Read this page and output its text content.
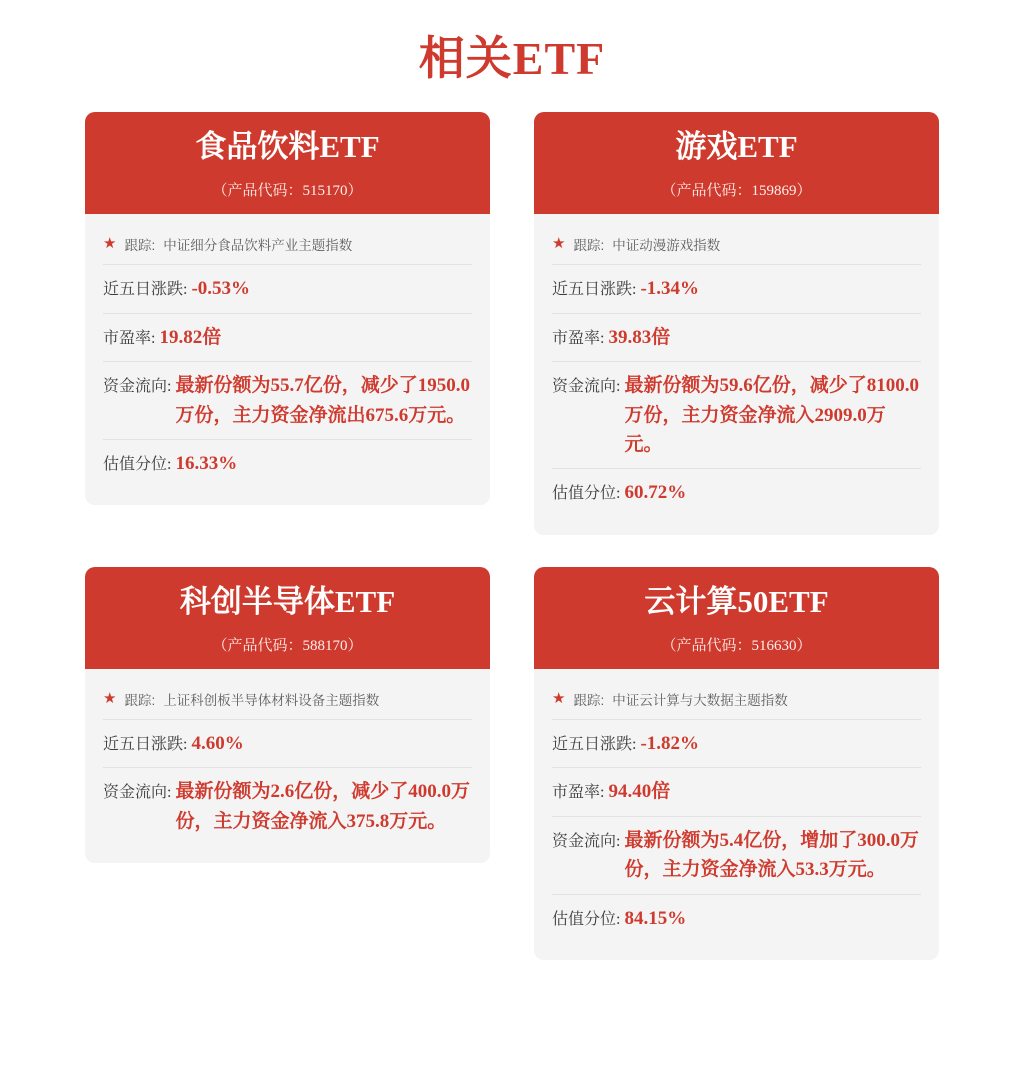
相关ETF
食品饮料ETF
（产品代码：515170）
★ 跟踪: 中证细分食品饮料产业主题指数
近五日涨跌: -0.53%
市盈率: 19.82倍
资金流向: 最新份额为55.7亿份，减少了1950.0万份，主力资金净流出675.6万元。
估值分位: 16.33%
游戏ETF
（产品代码：159869）
★ 跟踪: 中证动漫游戏指数
近五日涨跌: -1.34%
市盈率: 39.83倍
资金流向: 最新份额为59.6亿份，减少了8100.0万份，主力资金净流入2909.0万元。
估值分位: 60.72%
科创半导体ETF
（产品代码：588170）
★ 跟踪: 上证科创板半导体材料设备主题指数
近五日涨跌: 4.60%
资金流向: 最新份额为2.6亿份，减少了400.0万份，主力资金净流入375.8万元。
云计算50ETF
（产品代码：516630）
★ 跟踪: 中证云计算与大数据主题指数
近五日涨跌: -1.82%
市盈率: 94.40倍
资金流向: 最新份额为5.4亿份，增加了300.0万份，主力资金净流入53.3万元。
估值分位: 84.15%
